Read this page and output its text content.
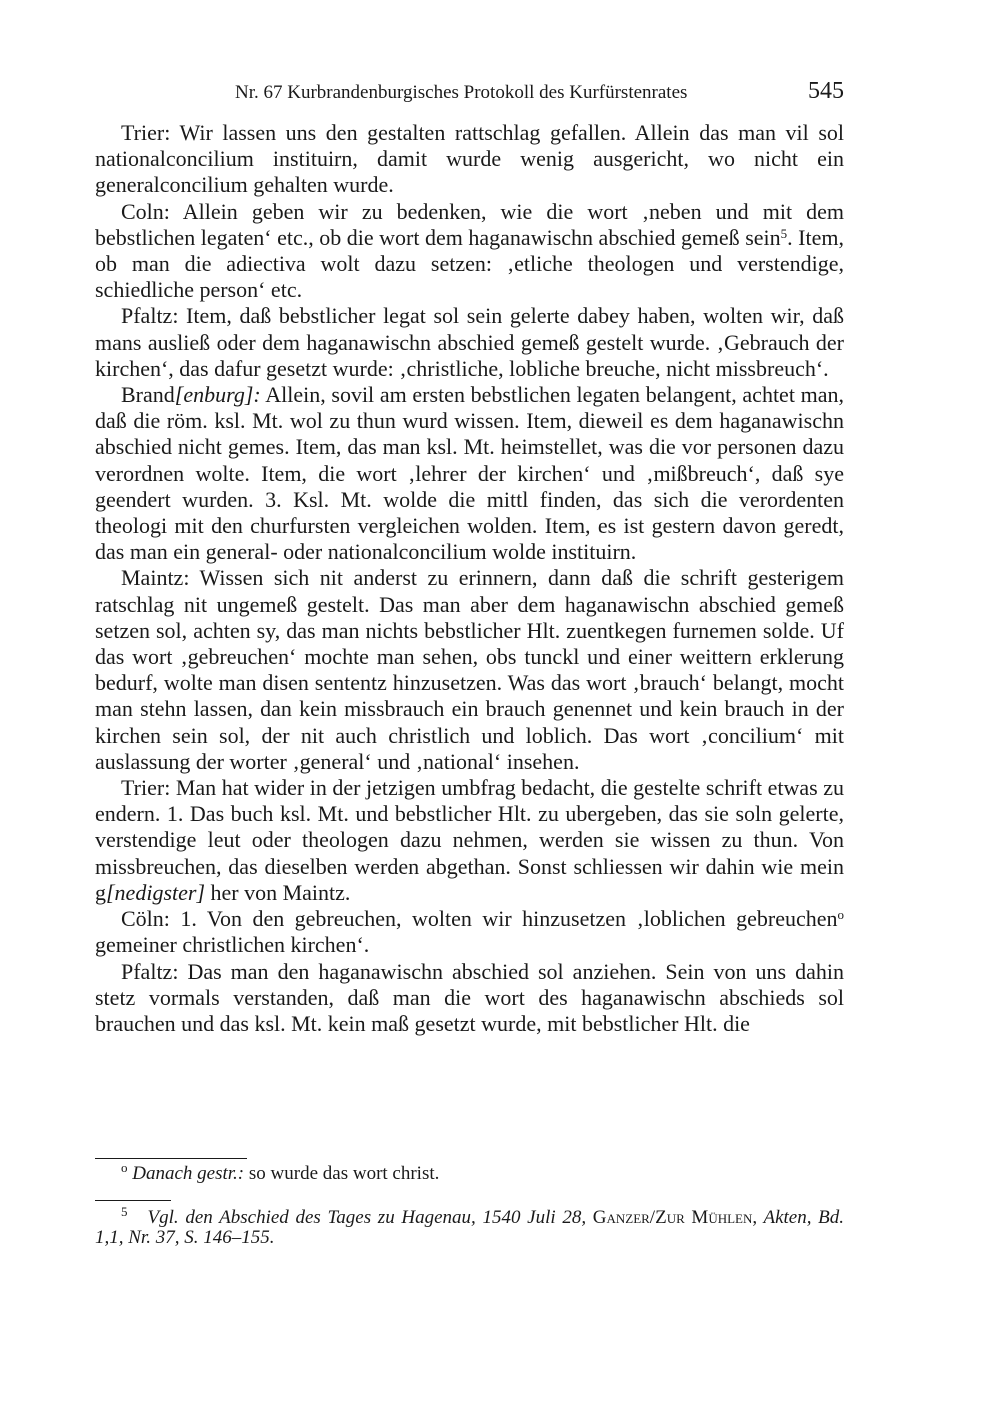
Nr. 67 Kurbrandenburgisches Protokoll des Kurfürstenrates	545

Trier: Wir lassen uns den gestalten rattschlag gefallen. Allein das man vil sol nationalconcilium instituirn, damit wurde wenig ausgericht, wo nicht ein generalconcilium gehalten wurde.

Coln: Allein geben wir zu bedenken, wie die wort ‚neben und mit dem bebstlichen legaten‘ etc., ob die wort dem haganawischn abschied gemeß sein$^5$. Item, ob man die adiectiva wolt dazu setzen: ‚etliche theologen und verstendige, schiedliche person‘ etc.

Pfaltz: Item, daß bebstlicher legat sol sein gelerte dabey haben, wolten wir, daß mans ausließ oder dem haganawischn abschied gemeß gestelt wurde. ‚Gebrauch der kirchen‘, das dafur gesetzt wurde: ‚christliche, lobliche breuche, nicht missbreuch‘.

Brand[enburg]: Allein, sovil am ersten bebstlichen legaten belangent, achtet man, daß die röm. ksl. Mt. wol zu thun wurd wissen. Item, dieweil es dem haganawischn abschied nicht gemes. Item, das man ksl. Mt. heimstellet, was die vor personen dazu verordnen wolte. Item, die wort ‚lehrer der kirchen‘ und ‚mißbreuch‘, daß sye geendert wurden. 3. Ksl. Mt. wolde die mittl finden, das sich die verordenten theologi mit den churfursten vergleichen wolden. Item, es ist gestern davon geredt, das man ein general- oder nationalconcilium wolde instituirn.

Maintz: Wissen sich nit anderst zu erinnern, dann daß die schrift gesterigem ratschlag nit ungemeß gestelt. Das man aber dem haganawischn abschied gemeß setzen sol, achten sy, das man nichts bebstlicher Hlt. zuentkegen furnemen solde. Uf das wort ‚gebreuchen‘ mochte man sehen, obs tunckl und einer weittern erklerung bedurf, wolte man disen sententz hinzusetzen. Was das wort ‚brauch‘ belangt, mocht man stehn lassen, dan kein missbrauch ein brauch genennet und kein brauch in der kirchen sein sol, der nit auch christlich und loblich. Das wort ‚concilium‘ mit auslassung der worter ‚general‘ und ‚national‘ insehen.

Trier: Man hat wider in der jetzigen umbfrag bedacht, die gestelte schrift etwas zu endern. 1. Das buch ksl. Mt. und bebstlicher Hlt. zu ubergeben, das sie soln gelerte, verstendige leut oder theologen dazu nehmen, werden sie wissen zu thun. Von missbreuchen, das dieselben werden abgethan. Sonst schliessen wir dahin wie mein g[nedigster] her von Maintz.

Cöln: 1. Von den gebreuchen, wolten wir hinzusetzen ‚loblichen gebreuchen$^o$ gemeiner christlichen kirchen‘.

Pfaltz: Das man den haganawischn abschied sol anziehen. Sein von uns dahin stetz vormals verstanden, daß man die wort des haganawischn abschieds sol brauchen und das ksl. Mt. kein maß gesetzt wurde, mit bebstlicher Hlt. die

$^o$ Danach gestr.: so wurde das wort christ.
$^5$ Vgl. den Abschied des Tages zu Hagenau, 1540 Juli 28, Ganzer/Zur Mühlen, Akten, Bd. 1,1, Nr. 37, S. 146–155.
